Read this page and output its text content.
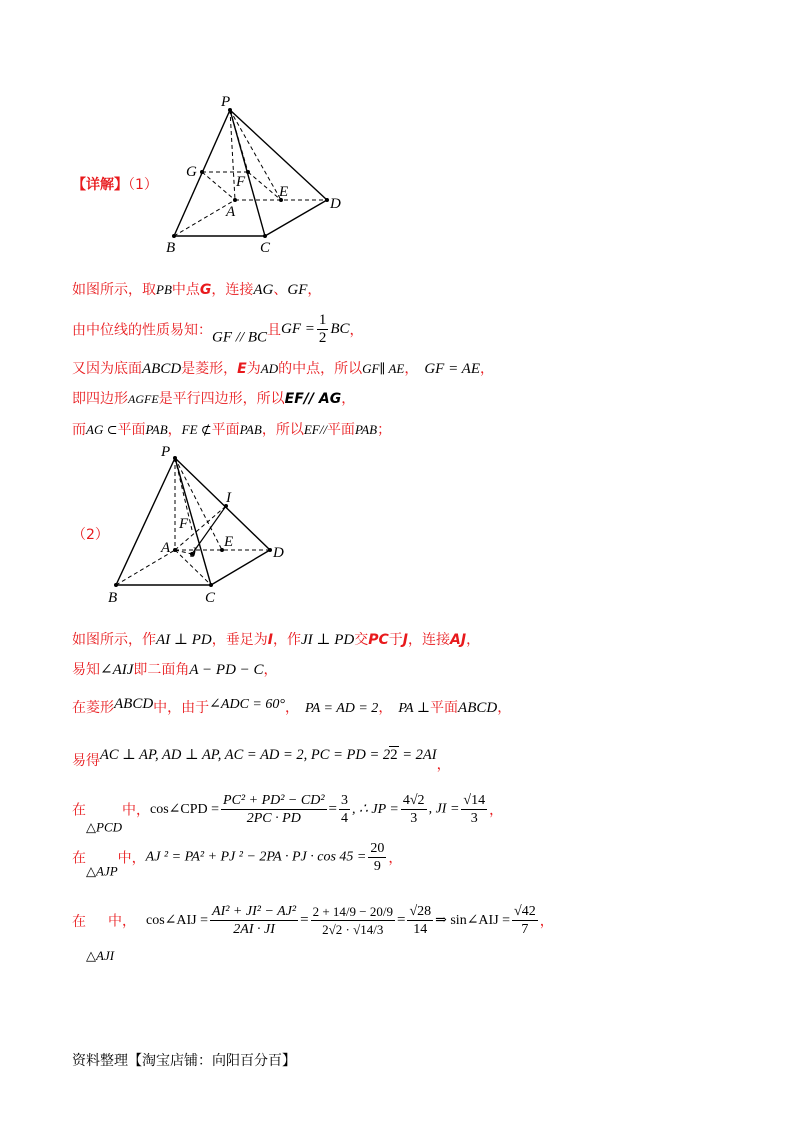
【详解】（1）
P
G
F
E
A	D
B	C
如图所示，取PB中点G，连接AG、GF，
由中位线的性质易知：GF // BC且GF = $\frac{1}{2}$ BC，
又因为底面ABCD是菱形，E为AD的中点，所以GF∥ AE， GF = AE，
即四边形AGFE是平行四边形，所以EF// AG，
而AG ⊂平面PAB，FE ⊄平面PAB，所以EF//平面PAB；
（2）
P
I
F
A J
E
D
B	C
如图所示，作AI ⊥ PD，垂足为I，作JI ⊥ PD交PC于J，连接AJ，
易知∠AIJ即二面角A − PD − C，
在菱形ABCD中，由于∠ADC = 60°， PA = AD = 2， PA ⊥平面ABCD，
易得AC ⊥ AP, AD ⊥ AP, AC = AD = 2, PC = PD = 22 = 2AI，
在△PCD中，cos∠CPD = $\frac{\text{PC² + PD² − CD²}}{2PC \cdot PD} = \frac{3}{4}$ , ∴ JP = $\frac{4√2}{3}$ , JI = $\frac{√14}{3}$ ，
在△AJP中，AJ ² = PA² + PJ ² − 2PA · PJ · $\cos 45 = \frac{20}{9}$ ，
在
△AJI
中， cos∠AIJ = $\frac{\text{AI² + JI² − AJ²}}{2AI \cdot JI} = \frac{2 + 14/9 - 20/9}{2√2 \cdot √14/3} = \frac{√28}{14}$ ⇒ sin∠AIJ = $\frac{√42}{7}$ ，
资料整理【淘宝店铺：向阳百分百】
